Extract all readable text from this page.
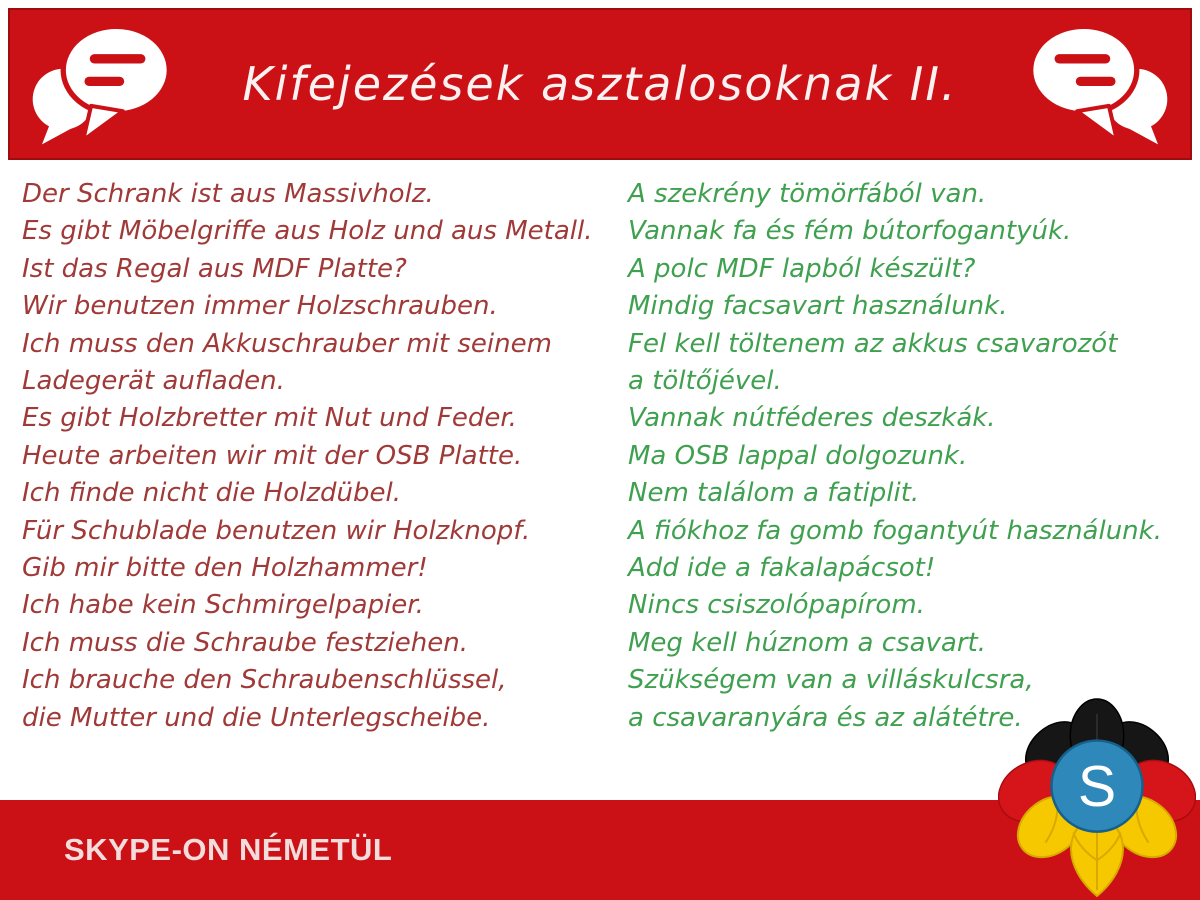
Kifejezések asztalosoknak II.
Der Schrank ist aus Massivholz.
Es gibt Möbelgriffe aus Holz und aus Metall.
Ist das Regal aus MDF Platte?
Wir benutzen immer Holzschrauben.
Ich muss den Akkuschrauber mit seinem
Ladegerät aufladen.
Es gibt Holzbretter mit Nut und Feder.
Heute arbeiten wir mit der OSB Platte.
Ich finde nicht die Holzdübel.
Für Schublade benutzen wir Holzknopf.
Gib mir bitte den Holzhammer!
Ich habe kein Schmirgelpapier.
Ich muss die Schraube festziehen.
Ich brauche den Schraubenschlüssel,
die Mutter und die Unterlegscheibe.
A szekrény tömörfából van.
Vannak fa és fém bútorfogantyúk.
A polc MDF lapból készült?
Mindig facsavart használunk.
Fel kell töltenem az akkus csavarozót
a töltőjével.
Vannak nútféderes deszkák.
Ma OSB lappal dolgozunk.
Nem találom a fatiplit.
A fiókhoz fa gomb fogantyút használunk.
Add ide a fakalapácsot!
Nincs csiszolópapírom.
Meg kell húznom a csavart.
Szükségem van a villáskulcsra,
a csavaranyára és az alátétre.
SKYPE-ON NÉMETÜL
S
